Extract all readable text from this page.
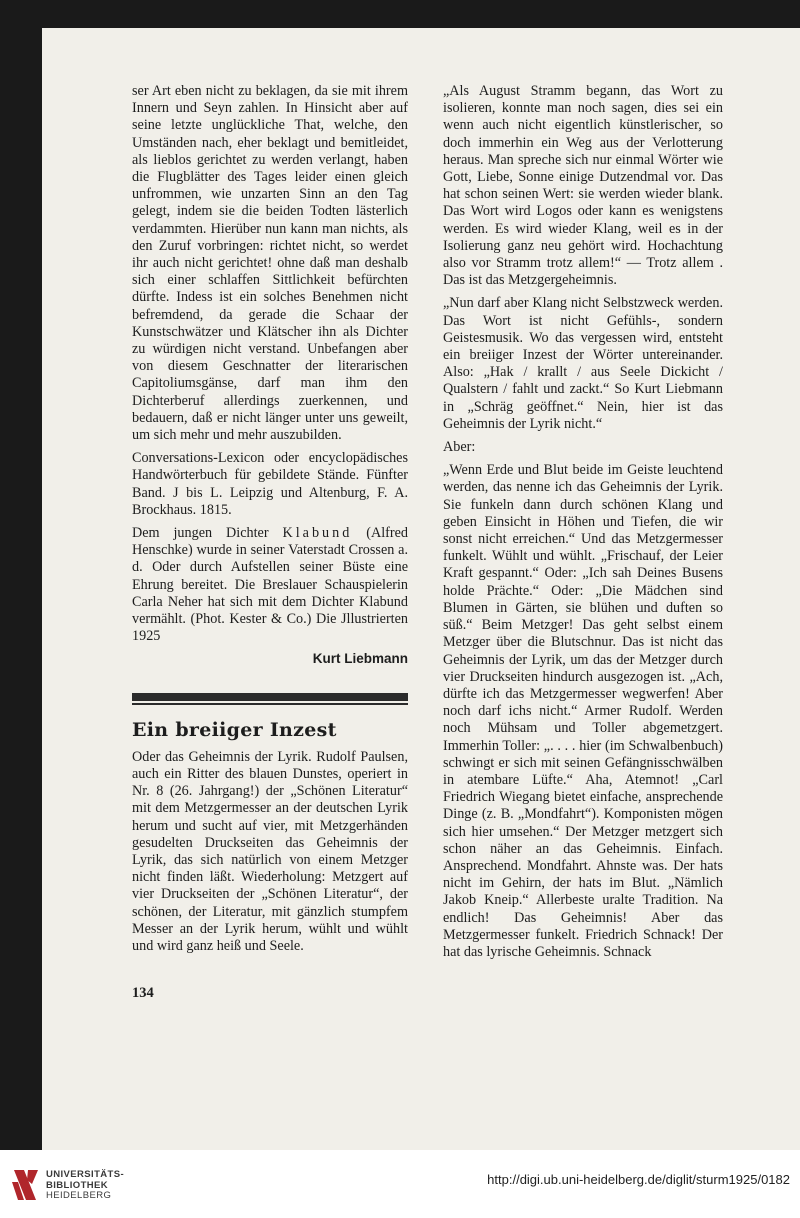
ser Art eben nicht zu beklagen, da sie mit ihrem Innern und Seyn zahlen. In Hinsicht aber auf seine letzte unglückliche That, welche, den Umständen nach, eher beklagt und bemitleidet, als lieblos gerichtet zu werden verlangt, haben die Flugblätter des Tages leider einen gleich unfrommen, wie unzarten Sinn an den Tag gelegt, indem sie die beiden Todten lästerlich verdammten. Hierüber nun kann man nichts, als den Zuruf vorbringen: richtet nicht, so werdet ihr auch nicht gerichtet! ohne daß man deshalb sich einer schlaffen Sittlichkeit befürchten dürfte. Indess ist ein solches Benehmen nicht befremdend, da gerade die Schaar der Kunstschwätzer und Klätscher ihn als Dichter zu würdigen nicht verstand. Unbefangen aber von diesem Geschnatter der literarischen Capitoliumsgänse, darf man ihm den Dichterberuf allerdings zuerkennen, und bedauern, daß er nicht länger unter uns geweilt, um sich mehr und mehr auszubilden.

Conversations-Lexicon oder encyclopädisches Handwörterbuch für gebildete Stände. Fünfter Band. J bis L. Leipzig und Altenburg, F. A. Brockhaus. 1815.

Dem jungen Dichter Klabund (Alfred Henschke) wurde in seiner Vaterstadt Crossen a. d. Oder durch Aufstellen seiner Büste eine Ehrung bereitet. Die Breslauer Schauspielerin Carla Neher hat sich mit dem Dichter Klabund vermählt. (Phot. Kester & Co.) Die Jllustrierten 1925

Kurt Liebmann
Ein breiiger Inzest

Oder das Geheimnis der Lyrik. Rudolf Paulsen, auch ein Ritter des blauen Dunstes, operiert in Nr. 8 (26. Jahrgang!) der „Schönen Literatur“ mit dem Metzgermesser an der deutschen Lyrik herum und sucht auf vier, mit Metzgerhänden gesudelten Druckseiten das Geheimnis der Lyrik, das sich natürlich von einem Metzger nicht finden läßt. Wiederholung: Metzgert auf vier Druckseiten der „Schönen Literatur“, der schönen, der Literatur, mit gänzlich stumpfem Messer an der Lyrik herum, wühlt und wühlt und wird ganz heiß und Seele.

„Als August Stramm begann, das Wort zu isolieren, konnte man noch sagen, dies sei ein wenn auch nicht eigentlich künstlerischer, so doch immerhin ein Weg aus der Verlotterung heraus. Man spreche sich nur einmal Wörter wie Gott, Liebe, Sonne einige Dutzendmal vor. Das hat schon seinen Wert: sie werden wieder blank. Das Wort wird Logos oder kann es wenigstens werden. Es wird wieder Klang, weil es in der Isolierung ganz neu gehört wird. Hochachtung also vor Stramm trotz allem!“ — Trotz allem . Das ist das Metzgergeheimnis.

„Nun darf aber Klang nicht Selbstzweck werden. Das Wort ist nicht Gefühls-, sondern Geistesmusik. Wo das vergessen wird, entsteht ein breiiger Inzest der Wörter untereinander. Also: „Hak / krallt / aus Seele Dickicht / Qualstern / fahlt und zackt.“ So Kurt Liebmann in „Schräg geöffnet.“ Nein, hier ist das Geheimnis der Lyrik nicht.“

Aber:

„Wenn Erde und Blut beide im Geiste leuchtend werden, das nenne ich das Geheimnis der Lyrik. Sie funkeln dann durch schönen Klang und geben Einsicht in Höhen und Tiefen, die wir sonst nicht erreichen.“ Und das Metzgermesser funkelt. Wühlt und wühlt. „Frischauf, der Leier Kraft gespannt.“ Oder: „Ich sah Deines Busens holde Prächte.“ Oder: „Die Mädchen sind Blumen in Gärten, sie blühen und duften so süß.“ Beim Metzger! Das geht selbst einem Metzger über die Blutschnur. Das ist nicht das Geheimnis der Lyrik, um das der Metzger durch vier Druckseiten hindurch ausgezogen ist. „Ach, dürfte ich das Metzgermesser wegwerfen! Aber noch darf ichs nicht.“ Armer Rudolf. Werden noch Mühsam und Toller abgemetzgert. Immerhin Toller: „. . . . hier (im Schwalbenbuch) schwingt er sich mit seinen Gefängnisschwälben in atembare Lüfte.“ Aha, Atemnot! „Carl Friedrich Wiegang bietet einfache, ansprechende Dinge (z. B. „Mondfahrt“). Komponisten mögen sich hier umsehen.“ Der Metzger metzgert sich schon näher an das Geheimnis. Einfach. Ansprechend. Mondfahrt. Ahnste was. Der hats nicht im Gehirn, der hats im Blut. „Nämlich Jakob Kneip.“ Allerbeste uralte Tradition. Na endlich! Das Geheimnis! Aber das Metzgermesser funkelt. Friedrich Schnack! Der hat das lyrische Geheimnis. Schnack

134
UNIVERSITÄTS-
BIBLIOTHEK
HEIDELBERG
http://digi.ub.uni-heidelberg.de/diglit/sturm1925/0182
